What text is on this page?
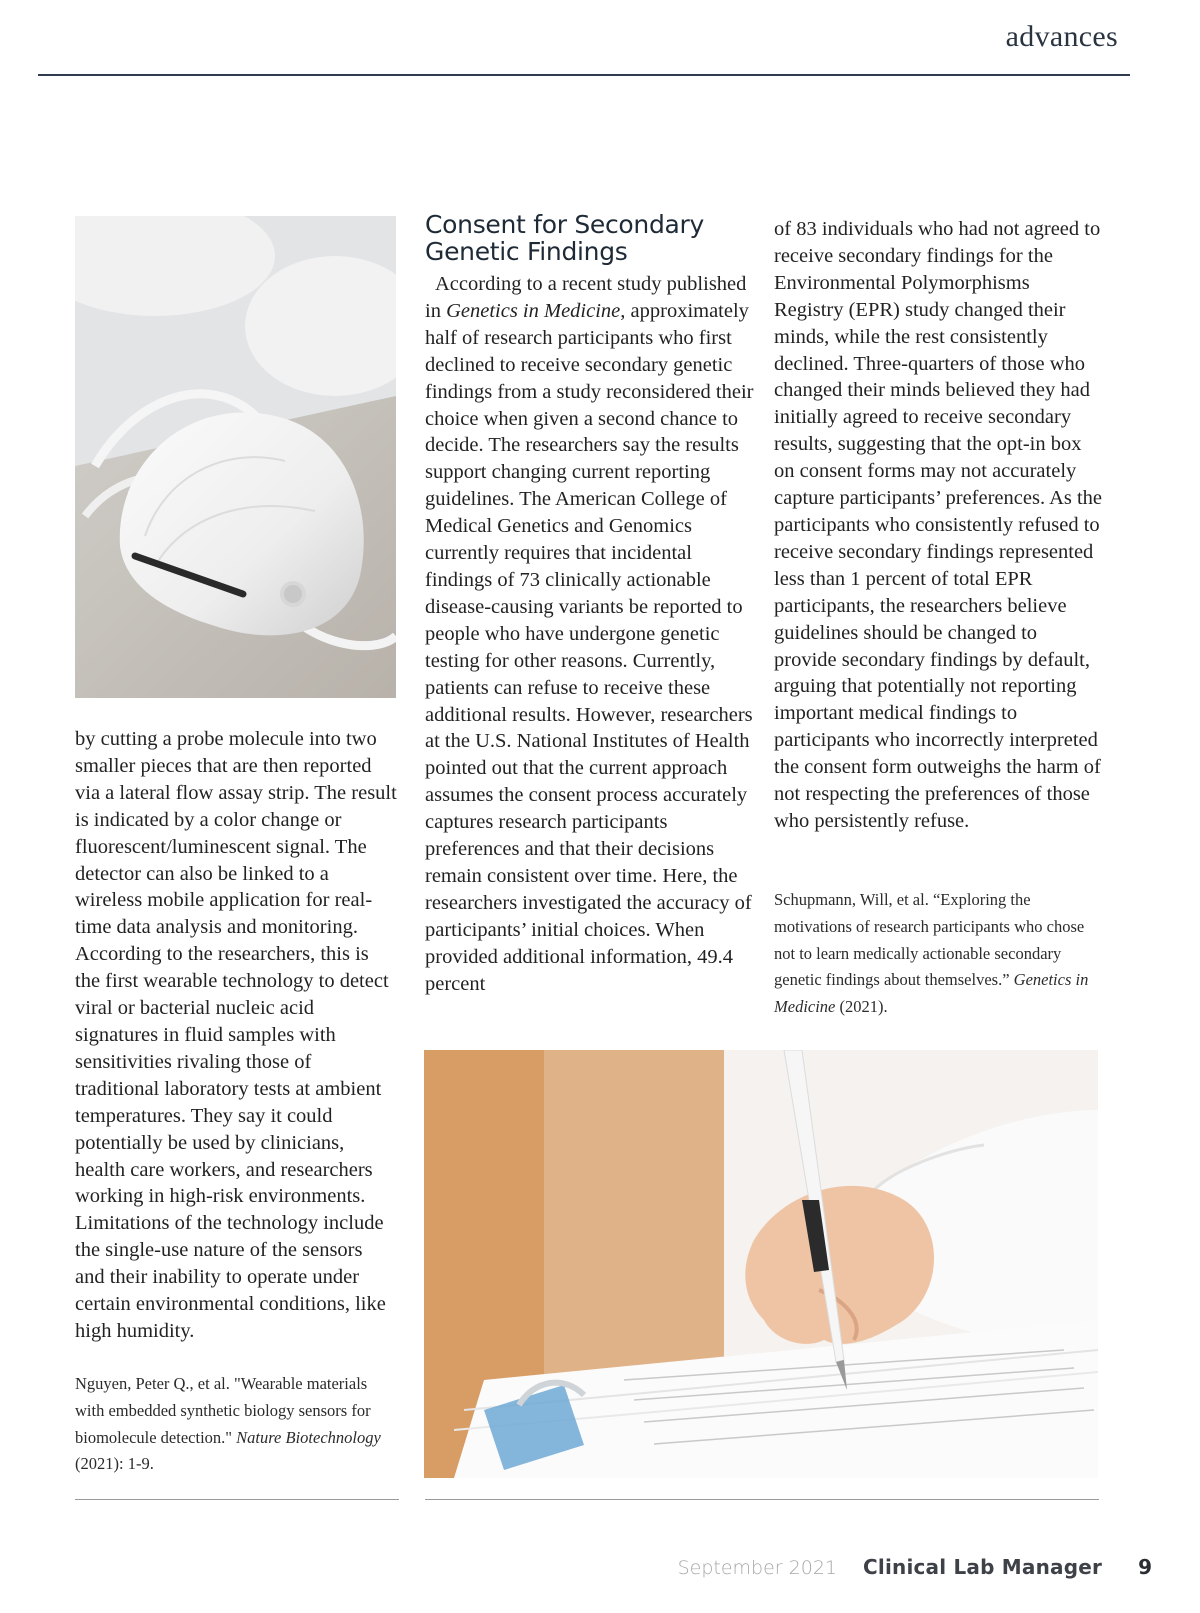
advances

by cutting a probe molecule into two smaller pieces that are then reported via a lateral flow assay strip. The result is indicated by a color change or fluorescent/luminescent signal. The detector can also be linked to a wireless mobile application for real-time data analysis and monitoring. According to the researchers, this is the first wearable technology to detect viral or bacterial nucleic acid signatures in fluid samples with sensitivities rivaling those of traditional laboratory tests at ambient temperatures. They say it could potentially be used by clinicians, health care workers, and researchers working in high-risk environments. Limitations of the technology include the single-use nature of the sensors and their inability to operate under certain environmental conditions, like high humidity.

Nguyen, Peter Q., et al. "Wearable materials with embedded synthetic biology sensors for biomolecule detection." Nature Biotechnology (2021): 1-9.
Consent for Secondary Genetic Findings

According to a recent study published in Genetics in Medicine, approximately half of research participants who first declined to receive secondary genetic findings from a study reconsidered their choice when given a second chance to decide. The researchers say the results support changing current reporting guidelines. The American College of Medical Genetics and Genomics currently requires that incidental findings of 73 clinically actionable disease-causing variants be reported to people who have undergone genetic testing for other reasons. Currently, patients can refuse to receive these additional results. However, researchers at the U.S. National Institutes of Health pointed out that the current approach assumes the consent process accurately captures research participants preferences and that their decisions remain consistent over time. Here, the researchers investigated the accuracy of participants’ initial choices. When provided additional information, 49.4 percent

of 83 individuals who had not agreed to receive secondary findings for the Environmental Polymorphisms Registry (EPR) study changed their minds, while the rest consistently declined. Three-quarters of those who changed their minds believed they had initially agreed to receive secondary results, suggesting that the opt-in box on consent forms may not accurately capture participants’ preferences. As the participants who consistently refused to receive secondary findings represented less than 1 percent of total EPR participants, the researchers believe guidelines should be changed to provide secondary findings by default, arguing that potentially not reporting important medical findings to participants who incorrectly interpreted the consent form outweighs the harm of not respecting the preferences of those who persistently refuse.

Schupmann, Will, et al. “Exploring the motivations of research participants who chose not to learn medically actionable secondary genetic findings about themselves.” Genetics in Medicine (2021).
September 2021 Clinical Lab Manager 9
